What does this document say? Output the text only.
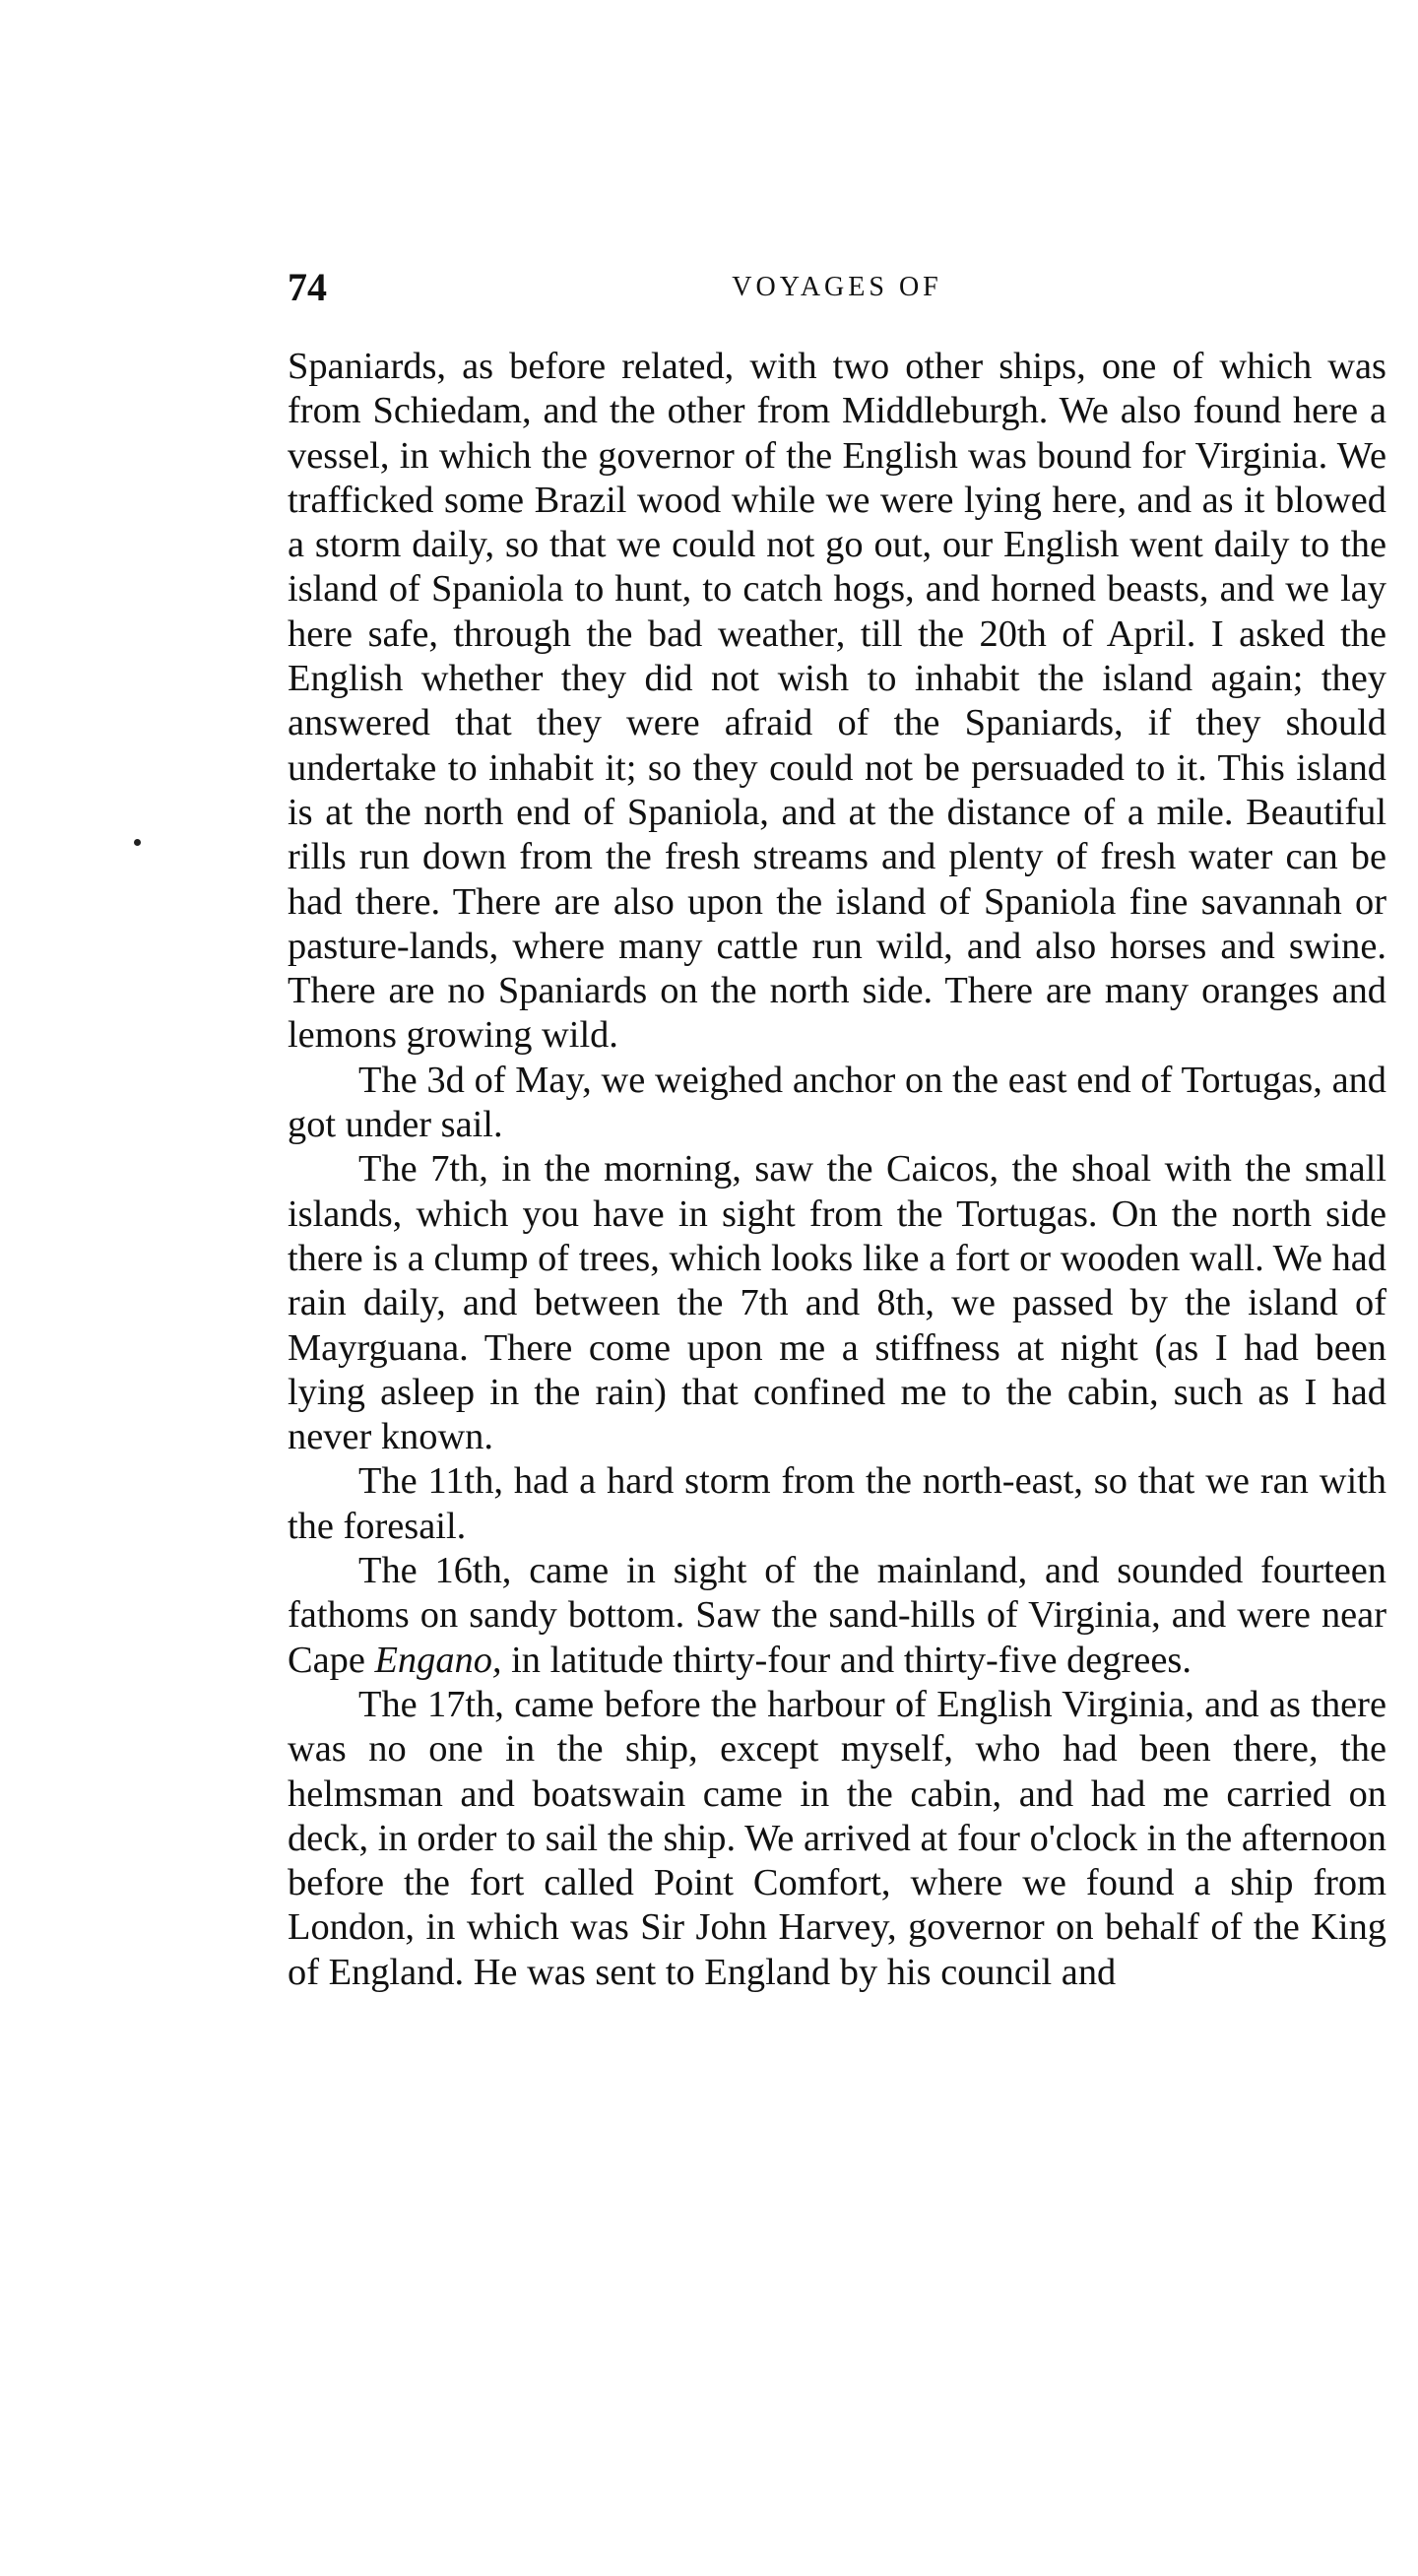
74	VOYAGES OF

Spaniards, as before related, with two other ships, one of which was from Schiedam, and the other from Middleburgh. We also found here a vessel, in which the governor of the English was bound for Virginia. We trafficked some Brazil wood while we were lying here, and as it blowed a storm daily, so that we could not go out, our English went daily to the island of Spaniola to hunt, to catch hogs, and horned beasts, and we lay here safe, through the bad weather, till the 20th of April. I asked the English whether they did not wish to inhabit the island again; they answered that they were afraid of the Spaniards, if they should undertake to inhabit it; so they could not be persuaded to it. This island is at the north end of Spaniola, and at the distance of a mile. Beautiful rills run down from the fresh streams and plenty of fresh water can be had there. There are also upon the island of Spaniola fine savannah or pasture-lands, where many cattle run wild, and also horses and swine. There are no Spaniards on the north side. There are many oranges and lemons growing wild.

The 3d of May, we weighed anchor on the east end of Tortugas, and got under sail.

The 7th, in the morning, saw the Caicos, the shoal with the small islands, which you have in sight from the Tortugas. On the north side there is a clump of trees, which looks like a fort or wooden wall. We had rain daily, and between the 7th and 8th, we passed by the island of Mayrguana. There come upon me a stiffness at night (as I had been lying asleep in the rain) that confined me to the cabin, such as I had never known.

The 11th, had a hard storm from the north-east, so that we ran with the foresail.

The 16th, came in sight of the mainland, and sounded fourteen fathoms on sandy bottom. Saw the sand-hills of Virginia, and were near Cape Engano, in latitude thirty-four and thirty-five degrees.

The 17th, came before the harbour of English Virginia, and as there was no one in the ship, except myself, who had been there, the helmsman and boatswain came in the cabin, and had me carried on deck, in order to sail the ship. We arrived at four o'clock in the afternoon before the fort called Point Comfort, where we found a ship from London, in which was Sir John Harvey, governor on behalf of the King of England. He was sent to England by his council and
